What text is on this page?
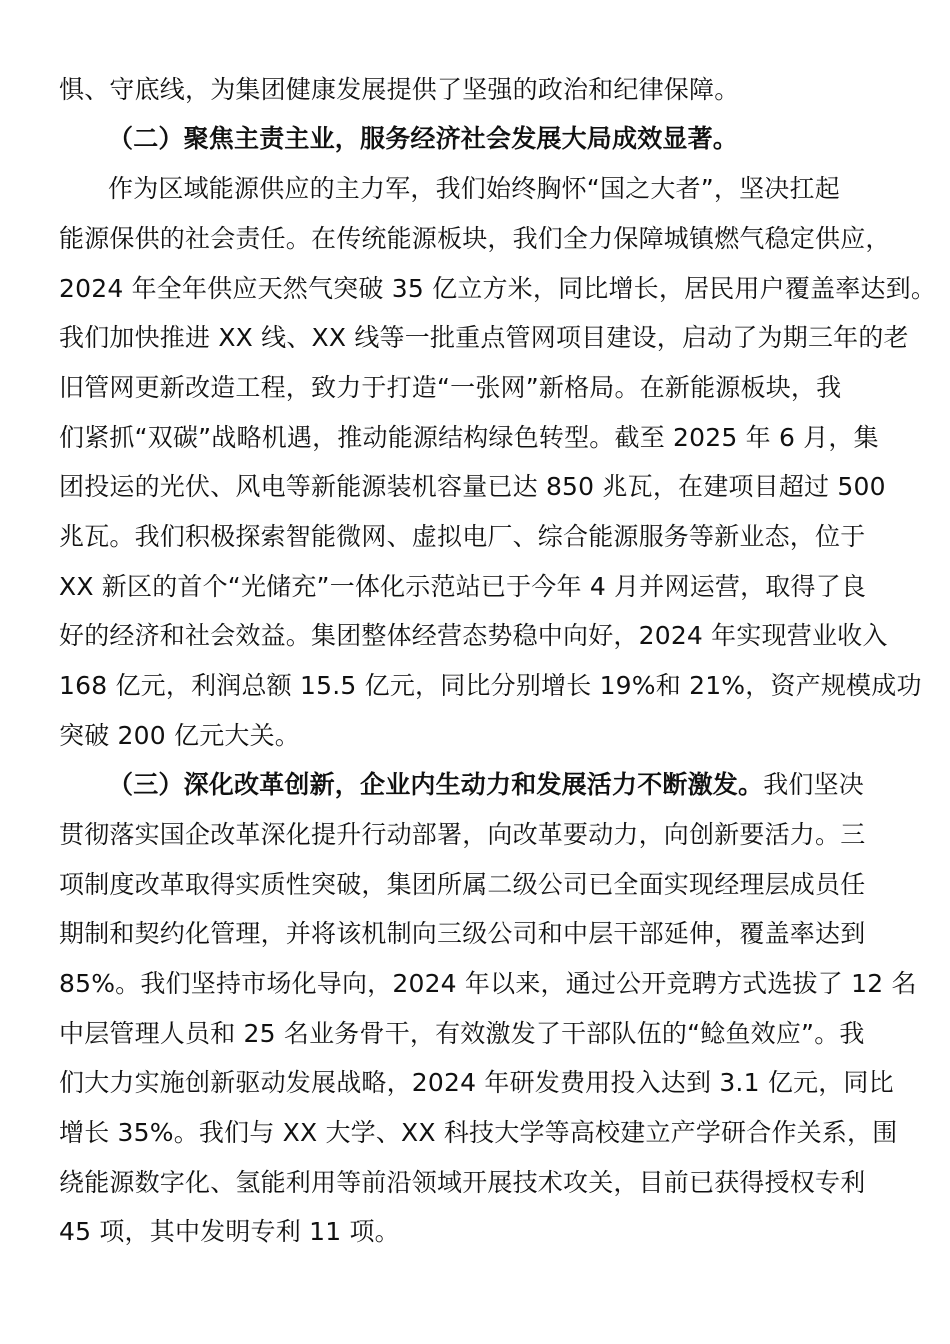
惧、守底线，为集团健康发展提供了坚强的政治和纪律保障。
（二）聚焦主责主业，服务经济社会发展大局成效显著。
作为区域能源供应的主力军，我们始终胸怀“国之大者”，坚决扛起
能源保供的社会责任。在传统能源板块，我们全力保障城镇燃气稳定供应，
2024 年全年供应天然气突破 35 亿立方米，同比增长，居民用户覆盖率达到。
我们加快推进 XX 线、XX 线等一批重点管网项目建设，启动了为期三年的老
旧管网更新改造工程，致力于打造“一张网”新格局。在新能源板块，我
们紧抓“双碳”战略机遇，推动能源结构绿色转型。截至 2025 年 6 月，集
团投运的光伏、风电等新能源装机容量已达 850 兆瓦，在建项目超过 500
兆瓦。我们积极探索智能微网、虚拟电厂、综合能源服务等新业态，位于
XX 新区的首个“光储充”一体化示范站已于今年 4 月并网运营，取得了良
好的经济和社会效益。集团整体经营态势稳中向好，2024 年实现营业收入
168 亿元，利润总额 15.5 亿元，同比分别增长 19%和 21%，资产规模成功
突破 200 亿元大关。
（三）深化改革创新，企业内生动力和发展活力不断激发。我们坚决
贯彻落实国企改革深化提升行动部署，向改革要动力，向创新要活力。三
项制度改革取得实质性突破，集团所属二级公司已全面实现经理层成员任
期制和契约化管理，并将该机制向三级公司和中层干部延伸，覆盖率达到
85%。我们坚持市场化导向，2024 年以来，通过公开竞聘方式选拔了 12 名
中层管理人员和 25 名业务骨干，有效激发了干部队伍的“鲶鱼效应”。我
们大力实施创新驱动发展战略，2024 年研发费用投入达到 3.1 亿元，同比
增长 35%。我们与 XX 大学、XX 科技大学等高校建立产学研合作关系，围
绕能源数字化、氢能利用等前沿领域开展技术攻关，目前已获得授权专利
45 项，其中发明专利 11 项。
